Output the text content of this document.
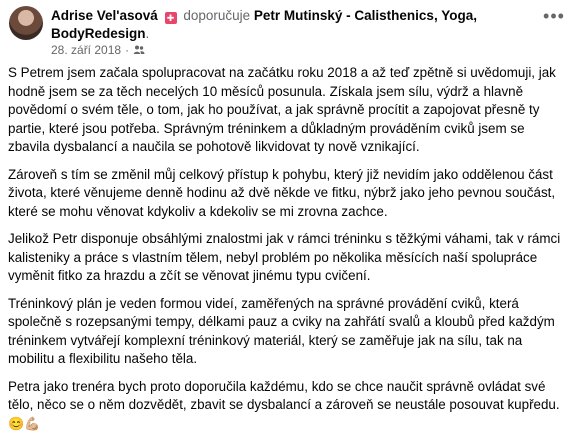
Adrise Vel'asová ✚ doporučuje Petr Mutinský - Calisthenics, Yoga, BodyRedesign.
•••
28. září 2018 ·

S Petrem jsem začala spolupracovat na začátku roku 2018 a až teď zpětně si uvědomuji, jak hodně jsem se za těch necelých 10 měsíců posunula. Získala jsem sílu, výdrž a hlavně povědomí o svém těle, o tom, jak ho používat, a jak správně procítit a zapojovat přesně ty partie, které jsou potřeba. Správným tréninkem a důkladným prováděním cviků jsem se zbavila dysbalancí a naučila se pohotově likvidovat ty nově vznikající.

Zároveň s tím se změnil můj celkový přístup k pohybu, který již nevidím jako oddělenou část života, které věnujeme denně hodinu až dvě někde ve fitku, nýbrž jako jeho pevnou součást, které se mohu věnovat kdykoliv a kdekoliv se mi zrovna zachce.

Jelikož Petr disponuje obsáhlými znalostmi jak v rámci tréninku s těžkými váhami, tak v rámci kalisteniky a práce s vlastním tělem, nebyl problém po několika měsících naší spolupráce vyměnit fitko za hrazdu a zčít se věnovat jinému typu cvičení.

Tréninkový plán je veden formou videí, zaměřených na správné provádění cviků, která společně s rozepsanými tempy, délkami pauz a cviky na zahřátí svalů a kloubů před každým tréninkem vytvářejí komplexní tréninkový materiál, který se zaměřuje jak na sílu, tak na mobilitu a flexibilitu našeho těla.

Petra jako trenéra bych proto doporučila každému, kdo se chce naučit správně ovládat své tělo, něco se o něm dozvědět, zbavit se dysbalancí a zároveň se neustále posouvat kupředu.
😊💪🏼
